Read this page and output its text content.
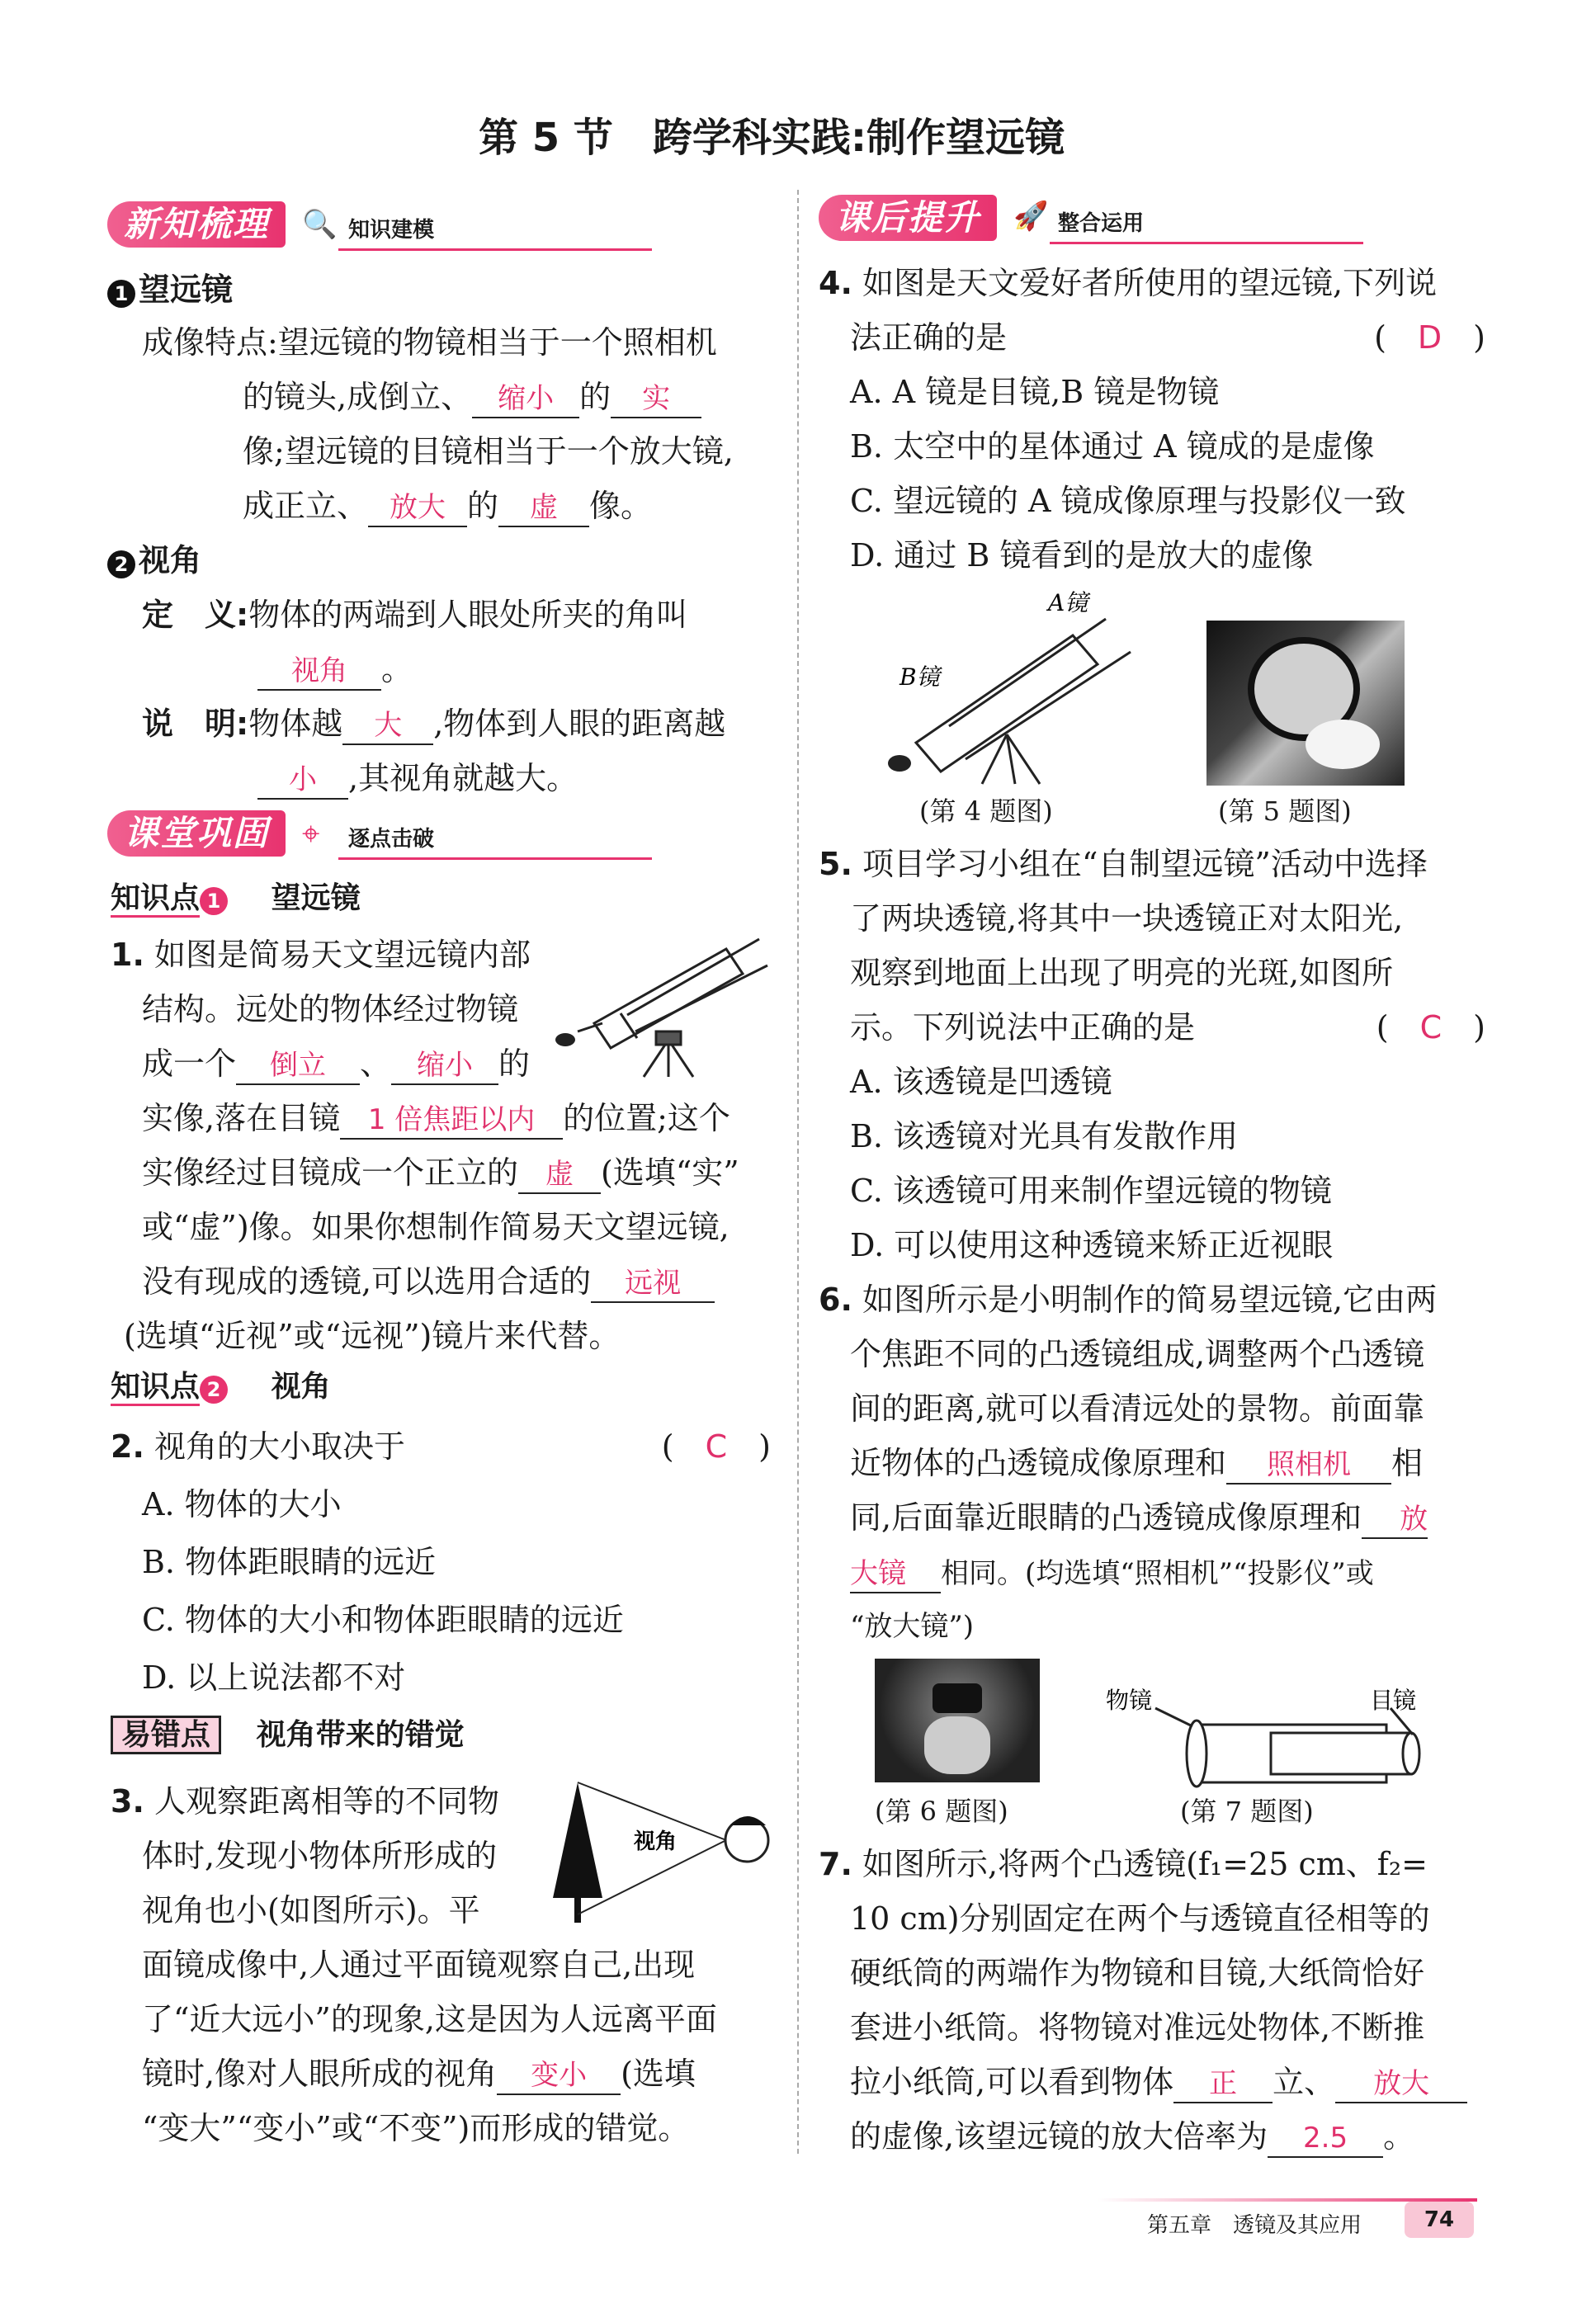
第 5 节　跨学科实践:制作望远镜
新知梳理	🔍 知识建模
1 望远镜
成像特点:望远镜的物镜相当于一个照相机
的镜头,成倒立、 缩小 的 实
像;望远镜的目镜相当于一个放大镜,
成正立、 放大 的 虚 像。
2 视角
定　义:物体的两端到人眼处所夹的角叫
视角 。
说　明:物体越 大 ,物体到人眼的距离越
小 ,其视角就越大。
课堂巩固	⌖ 逐点击破
知识点 1 望远镜
1. 如图是简易天文望远镜内部
结构。远处的物体经过物镜
成一个 倒立 、 缩小 的
实像,落在目镜 1 倍焦距以内 的位置;这个
实像经过目镜成一个正立的 虚 (选填“实”
或“虚”)像。如果你想制作简易天文望远镜,
没有现成的透镜,可以选用合适的 远视
(选填“近视”或“远视”)镜片来代替。
知识点 2 视角
2. 视角的大小取决于	(　C　)
A. 物体的大小
B. 物体距眼睛的远近
C. 物体的大小和物体距眼睛的远近
D. 以上说法都不对
易错点 视角带来的错觉
3. 人观察距离相等的不同物
体时,发现小物体所形成的
视角也小(如图所示)。平
面镜成像中,人通过平面镜观察自己,出现
了“近大远小”的现象,这是因为人远离平面
镜时,像对人眼所成的视角 变小 (选填
“变大”“变小”或“不变”)而形成的错觉。
视角
课后提升	🚀 整合运用
4. 如图是天文爱好者所使用的望远镜,下列说
法正确的是	(　D　)
A. A 镜是目镜,B 镜是物镜
B. 太空中的星体通过 A 镜成的是虚像
C. 望远镜的 A 镜成像原理与投影仪一致
D. 通过 B 镜看到的是放大的虚像
A镜
B镜
(第 4 题图)	(第 5 题图)
5. 项目学习小组在“自制望远镜”活动中选择
了两块透镜,将其中一块透镜正对太阳光,
观察到地面上出现了明亮的光斑,如图所
示。下列说法中正确的是	(　C　)
A. 该透镜是凹透镜
B. 该透镜对光具有发散作用
C. 该透镜可用来制作望远镜的物镜
D. 可以使用这种透镜来矫正近视眼
6. 如图所示是小明制作的简易望远镜,它由两
个焦距不同的凸透镜组成,调整两个凸透镜
间的距离,就可以看清远处的景物。前面靠
近物体的凸透镜成像原理和 照相机 相
同,后面靠近眼睛的凸透镜成像原理和 放
大镜 相同。(均选填“照相机”“投影仪”或
“放大镜”)
物镜	目镜
(第 6 题图)	(第 7 题图)
7. 如图所示,将两个凸透镜(f₁=25 cm、f₂=
10 cm)分别固定在两个与透镜直径相等的
硬纸筒的两端作为物镜和目镜,大纸筒恰好
套进小纸筒。将物镜对准远处物体,不断推
拉小纸筒,可以看到物体 正 立、 放大
的虚像,该望远镜的放大倍率为 2.5 。
第五章　透镜及其应用	74
